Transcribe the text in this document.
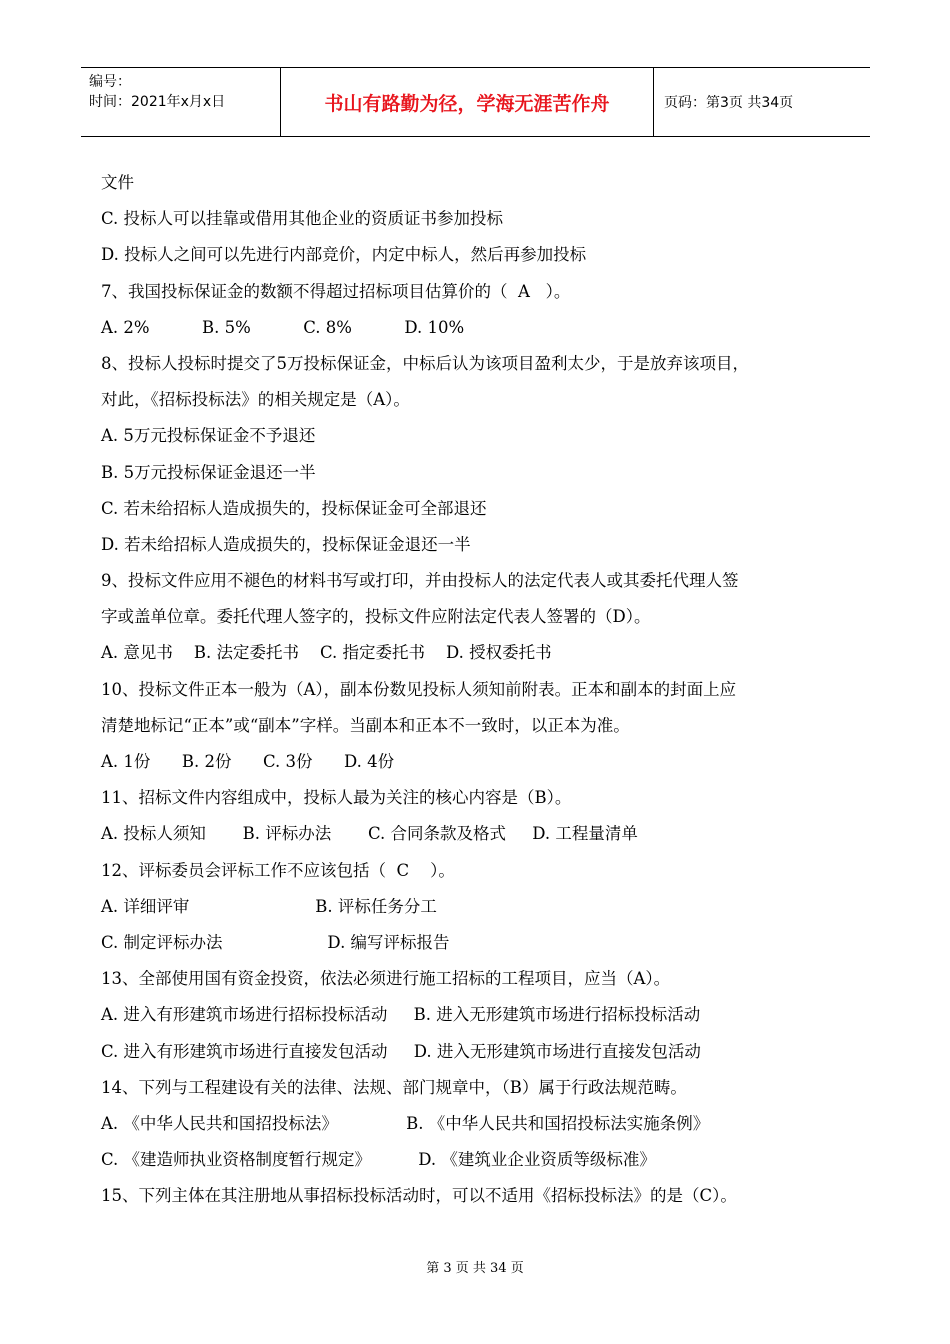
编号：
时间：2021年x月x日	书山有路勤为径，学海无涯苦作舟	页码：第3页 共34页
文件
C. 投标人可以挂靠或借用其他企业的资质证书参加投标
D. 投标人之间可以先进行内部竞价，内定中标人，然后再参加投标
7、我国投标保证金的数额不得超过招标项目估算价的（  A   ）。
A. 2%          B. 5%          C. 8%          D. 10%
8、投标人投标时提交了5万投标保证金，中标后认为该项目盈利太少，于是放弃该项目，
对此，《招标投标法》的相关规定是（A）。
A. 5万元投标保证金不予退还
B. 5万元投标保证金退还一半
C. 若未给招标人造成损失的，投标保证金可全部退还
D. 若未给招标人造成损失的，投标保证金退还一半
9、投标文件应用不褪色的材料书写或打印，并由投标人的法定代表人或其委托代理人签
字或盖单位章。委托代理人签字的，投标文件应附法定代表人签署的（D）。
A. 意见书    B. 法定委托书    C. 指定委托书    D. 授权委托书
10、投标文件正本一般为（A），副本份数见投标人须知前附表。正本和副本的封面上应
清楚地标记“正本”或“副本”字样。当副本和正本不一致时，以正本为准。
A. 1份      B. 2份      C. 3份      D. 4份
11、招标文件内容组成中，投标人最为关注的核心内容是（B）。
A. 投标人须知       B. 评标办法       C. 合同条款及格式     D. 工程量清单
12、评标委员会评标工作不应该包括（  C    ）。
A. 详细评审                        B. 评标任务分工
C. 制定评标办法                    D. 编写评标报告
13、全部使用国有资金投资，依法必须进行施工招标的工程项目，应当（A）。
A. 进入有形建筑市场进行招标投标活动     B. 进入无形建筑市场进行招标投标活动
C. 进入有形建筑市场进行直接发包活动     D. 进入无形建筑市场进行直接发包活动
14、下列与工程建设有关的法律、法规、部门规章中，（B）属于行政法规范畴。
A. 《中华人民共和国招投标法》             B. 《中华人民共和国招投标法实施条例》
C. 《建造师执业资格制度暂行规定》         D. 《建筑业企业资质等级标准》
15、下列主体在其注册地从事招标投标活动时，可以不适用《招标投标法》的是（C）。
第 3 页 共 34 页
